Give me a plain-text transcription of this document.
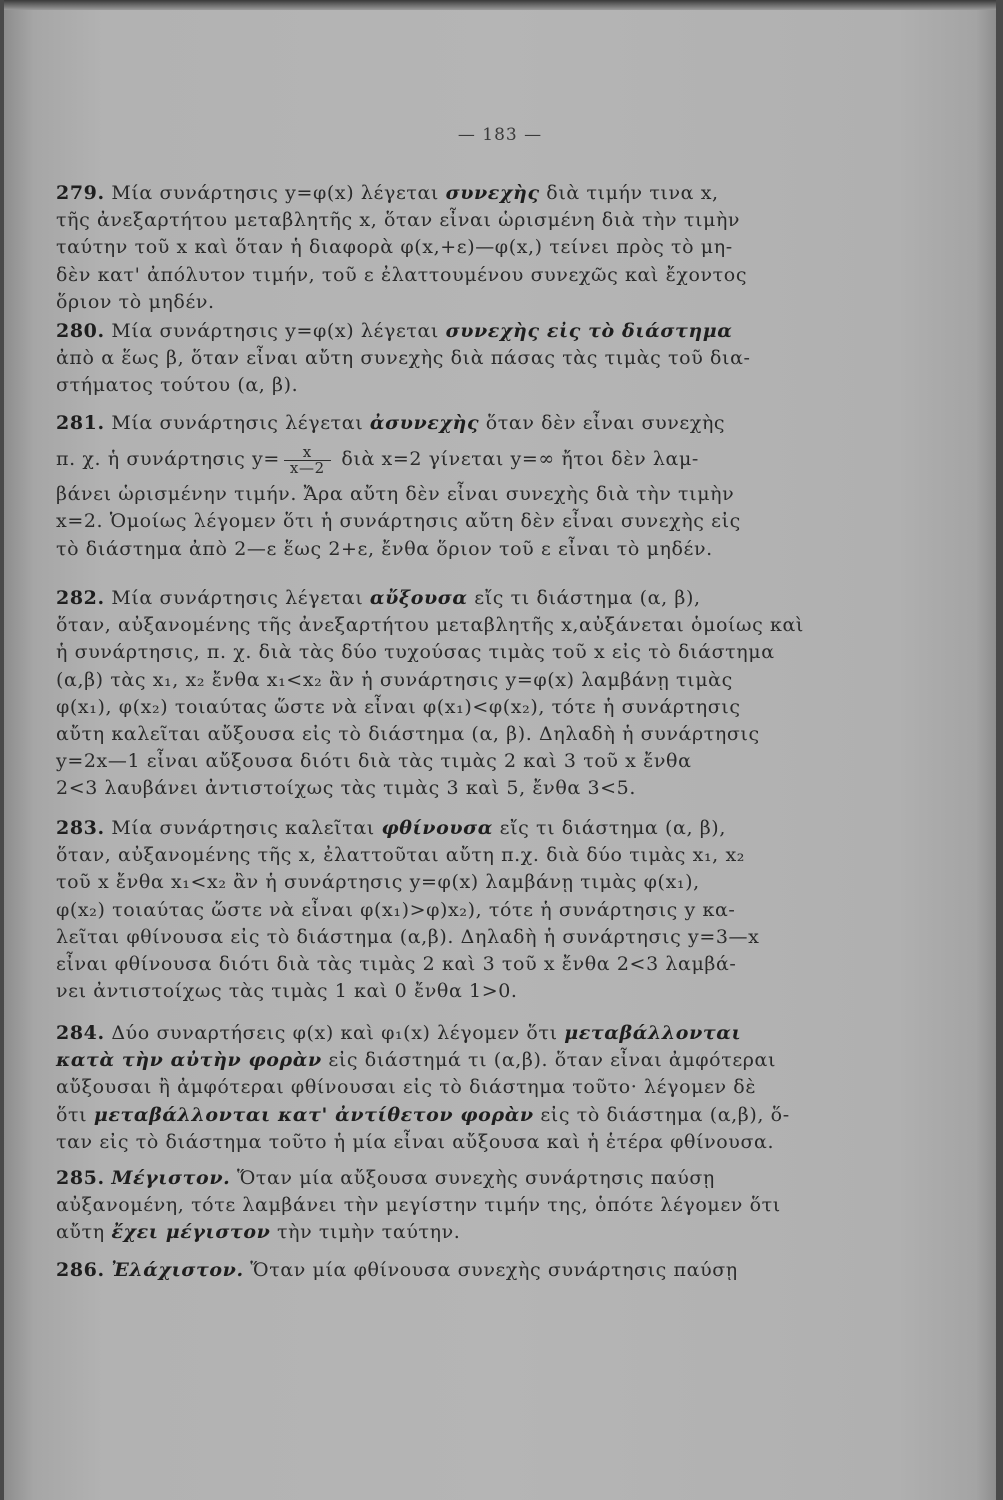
— 183 —
279. Μία συνάρτησις y=φ(x) λέγεται συνεχὴς διὰ τιμήν τινα x,
τῆς ἀνεξαρτήτου μεταβλητῆς x, ὅταν εἶναι ὡρισμένη διὰ τὴν τιμὴν
ταύτην τοῦ x καὶ ὅταν ἡ διαφορὰ φ(x,+ε)—φ(x,) τείνει πρὸς τὸ μη-
δὲν κατ' ἀπόλυτον τιμήν, τοῦ ε ἐλαττουμένου συνεχῶς καὶ ἔχοντος
ὅριον τὸ μηδέν.
280. Μία συνάρτησις y=φ(x) λέγεται συνεχὴς εἰς τὸ διάστημα
ἀπὸ α ἕως β, ὅταν εἶναι αὔτη συνεχὴς διὰ πάσας τὰς τιμὰς τοῦ δια-
στήματος τούτου (α, β).
281. Μία συνάρτησις λέγεται ἀσυνεχὴς ὅταν δὲν εἶναι συνεχὴς
π. χ. ἡ συνάρτησις $y= \frac{x}{x—2}$ διὰ x=2 γίνεται y=∞ ἤτοι δὲν λαμ-
βάνει ὡρισμένην τιμήν. Ἄρα αὔτη δὲν εἶναι συνεχὴς διὰ τὴν τιμὴν
x=2. Ὁμοίως λέγομεν ὅτι ἡ συνάρτησις αὔτη δὲν εἶναι συνεχὴς εἰς
τὸ διάστημα ἀπὸ 2—ε ἕως 2+ε, ἔνθα ὅριον τοῦ ε εἶναι τὸ μηδέν.
282. Μία συνάρτησις λέγεται αὔξουσα εἴς τι διάστημα (α, β),
ὅταν, αὐξανομένης τῆς ἀνεξαρτήτου μεταβλητῆς x,αὐξάνεται ὁμοίως καὶ
ἡ συνάρτησις, π. χ. διὰ τὰς δύο τυχούσας τιμὰς τοῦ x εἰς τὸ διάστημα
(α,β) τὰς x₁, x₂ ἔνθα x₁<x₂ ἂν ἡ συνάρτησις y=φ(x) λαμβάνῃ τιμὰς
φ(x₁), φ(x₂) τοιαύτας ὥστε νὰ εἶναι φ(x₁)<φ(x₂), τότε ἡ συνάρτησις
αὔτη καλεῖται αὔξουσα εἰς τὸ διάστημα (α, β). Δηλαδὴ ἡ συνάρτησις
y=2x—1 εἶναι αὔξουσα διότι διὰ τὰς τιμὰς 2 καὶ 3 τοῦ x ἔνθα
2<3 λαυβάνει ἀντιστοίχως τὰς τιμὰς 3 καὶ 5, ἔνθα 3<5.
283. Μία συνάρτησις καλεῖται φθίνουσα εἴς τι διάστημα (α, β),
ὅταν, αὐξανομένης τῆς x, ἐλαττοῦται αὔτη π.χ. διὰ δύο τιμὰς x₁, x₂
τοῦ x ἔνθα x₁<x₂ ἂν ἡ συνάρτησις y=φ(x) λαμβάνῃ τιμὰς φ(x₁),
φ(x₂) τοιαύτας ὥστε νὰ εἶναι φ(x₁)>φ)x₂), τότε ἡ συνάρτησις y κα-
λεῖται φθίνουσα εἰς τὸ διάστημα (α,β). Δηλαδὴ ἡ συνάρτησις y=3—x
εἶναι φθίνουσα διότι διὰ τὰς τιμὰς 2 καὶ 3 τοῦ x ἔνθα 2<3 λαμβά-
νει ἀντιστοίχως τὰς τιμὰς 1 καὶ 0 ἔνθα 1>0.
284. Δύο συναρτήσεις φ(x) καὶ φ₁(x) λέγομεν ὅτι μεταβάλλονται
κατὰ τὴν αὐτὴν φορὰν εἰς διάστημά τι (α,β). ὅταν εἶναι ἀμφότεραι
αὔξουσαι ἢ ἀμφότεραι φθίνουσαι εἰς τὸ διάστημα τοῦτο· λέγομεν δὲ
ὅτι μεταβάλλονται κατ' ἀντίθετον φορὰν εἰς τὸ διάστημα (α,β), ὅ-
ταν εἰς τὸ διάστημα τοῦτο ἡ μία εἶναι αὔξουσα καὶ ἡ ἑτέρα φθίνουσα.
285. Μέγιστον. Ὅταν μία αὔξουσα συνεχὴς συνάρτησις παύσῃ
αὐξανομένη, τότε λαμβάνει τὴν μεγίστην τιμήν της, ὁπότε λέγομεν ὅτι
αὔτη ἔχει μέγιστον τὴν τιμὴν ταύτην.
286. Ἐλάχιστον. Ὅταν μία φθίνουσα συνεχὴς συνάρτησις παύσῃ
